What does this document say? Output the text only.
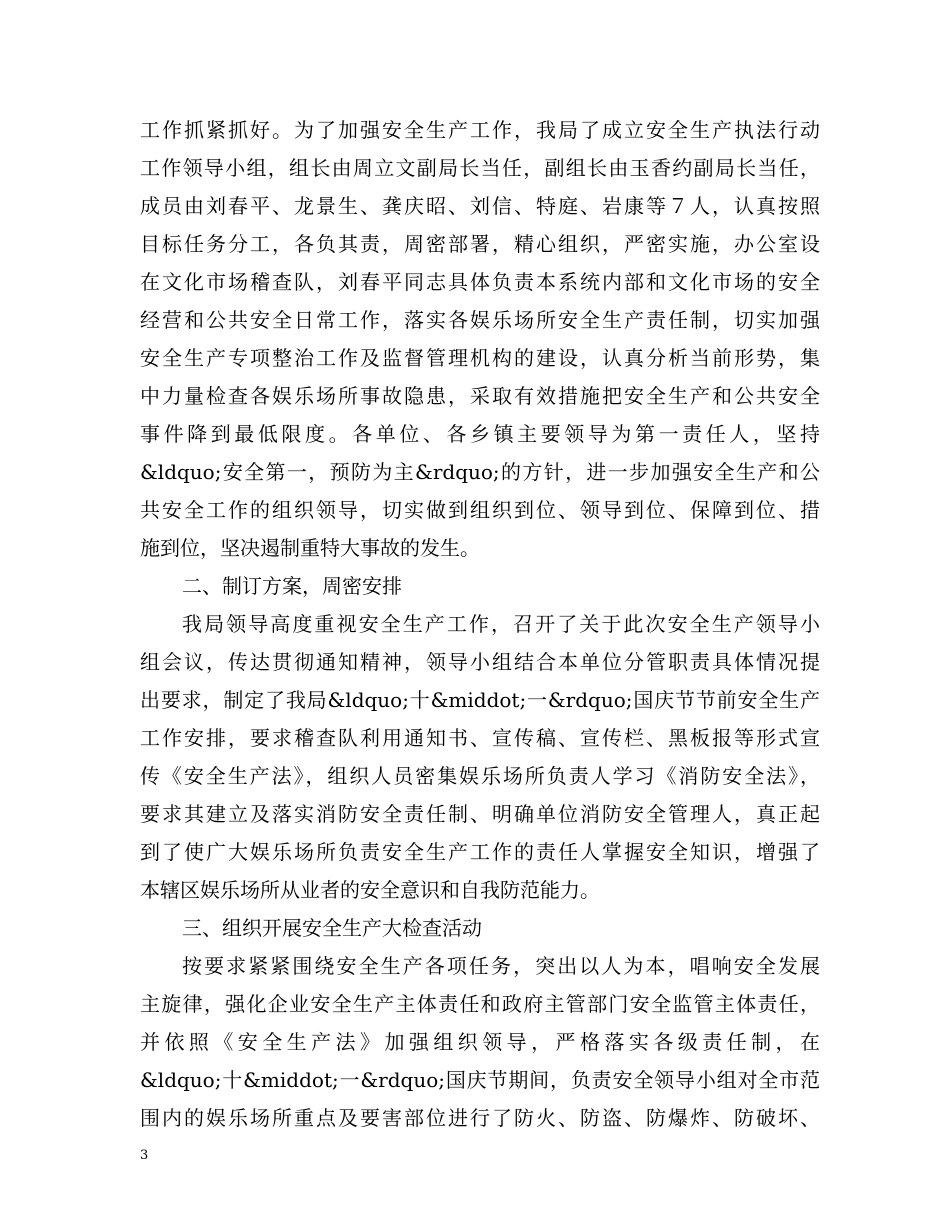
工作抓紧抓好。为了加强安全生产工作，我局了成立安全生产执法行动
工作领导小组，组长由周立文副局长当任，副组长由玉香约副局长当任，
成员由刘春平、龙景生、龚庆昭、刘信、特庭、岩康等７人，认真按照
目标任务分工，各负其责，周密部署，精心组织，严密实施，办公室设
在文化市场稽查队，刘春平同志具体负责本系统内部和文化市场的安全
经营和公共安全日常工作，落实各娱乐场所安全生产责任制，切实加强
安全生产专项整治工作及监督管理机构的建设，认真分析当前形势，集
中力量检查各娱乐场所事故隐患，采取有效措施把安全生产和公共安全
事件降到最低限度。各单位、各乡镇主要领导为第一责任人，坚持
&ldquo;安全第一，预防为主&rdquo;的方针，进一步加强安全生产和公
共安全工作的组织领导，切实做到组织到位、领导到位、保障到位、措
施到位，坚决遏制重特大事故的发生。
二、制订方案，周密安排
我局领导高度重视安全生产工作，召开了关于此次安全生产领导小
组会议，传达贯彻通知精神，领导小组结合本单位分管职责具体情况提
出要求，制定了我局&ldquo;十&middot;一&rdquo;国庆节节前安全生产
工作安排，要求稽查队利用通知书、宣传稿、宣传栏、黑板报等形式宣
传《安全生产法》，组织人员密集娱乐场所负责人学习《消防安全法》，
要求其建立及落实消防安全责任制、明确单位消防安全管理人，真正起
到了使广大娱乐场所负责安全生产工作的责任人掌握安全知识，增强了
本辖区娱乐场所从业者的安全意识和自我防范能力。
三、组织开展安全生产大检查活动
按要求紧紧围绕安全生产各项任务，突出以人为本，唱响安全发展
主旋律，强化企业安全生产主体责任和政府主管部门安全监管主体责任，
并依照《安全生产法》加强组织领导，严格落实各级责任制，在
&ldquo;十&middot;一&rdquo;国庆节期间，负责安全领导小组对全市范
围内的娱乐场所重点及要害部位进行了防火、防盗、防爆炸、防破坏、
3
